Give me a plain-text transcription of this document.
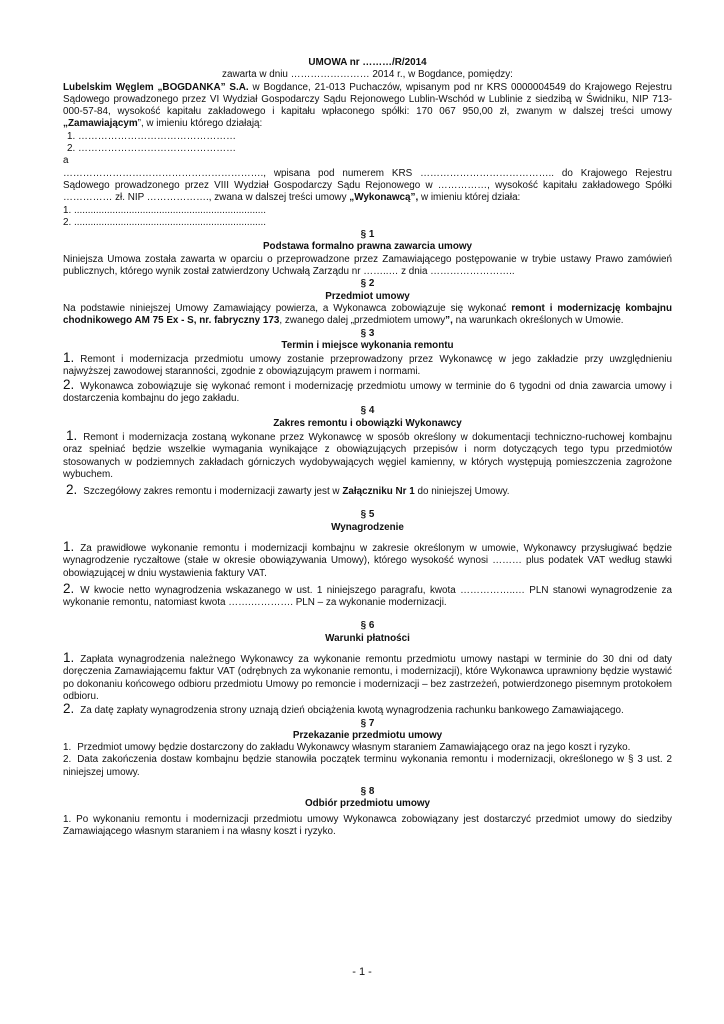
UMOWA nr ………/R/2014

zawarta w dniu …………………… 2014 r., w Bogdance, pomiędzy:

Lubelskim Węglem „BOGDANKA” S.A. w Bogdance, 21-013 Puchaczów, wpisanym pod nr KRS 0000004549 do Krajowego Rejestru Sądowego prowadzonego przez VI Wydział Gospodarczy Sądu Rejonowego Lublin-Wschód w Lublinie z siedzibą w Świdniku, NIP 713-000-57-84, wysokość kapitału zakładowego i kapitału wpłaconego spółki: 170 067 950,00 zł, zwanym w dalszej treści umowy „Zamawiającym”, w imieniu którego działają:

1. …………………………………………

2. …………………………………………

a

……………………………………………………., wpisana pod numerem KRS ………………………………….. do Krajowego Rejestru Sądowego prowadzonego przez VIII Wydział Gospodarczy Sądu Rejonowego w ……………, wysokość kapitału zakładowego Spółki …………… zł. NIP ………………., zwana w dalszej treści umowy „Wykonawcą”, w imieniu której działa:

1. ......................................................................

2. ......................................................................

§ 1

Podstawa formalno prawna zawarcia umowy

Niniejsza Umowa została zawarta w oparciu o przeprowadzone przez Zamawiającego postępowanie w trybie ustawy Prawo zamówień publicznych, którego wynik został zatwierdzony Uchwałą Zarządu nr ……..… z dnia ……………………..

§ 2

Przedmiot umowy

Na podstawie niniejszej Umowy Zamawiający powierza, a Wykonawca zobowiązuje się wykonać remont i modernizację kombajnu chodnikowego AM 75 Ex - S, nr. fabryczny 173, zwanego dalej „przedmiotem umowy”, na warunkach określonych w Umowie.

§ 3

Termin i miejsce wykonania remontu

1. Remont i modernizacja przedmiotu umowy zostanie przeprowadzony przez Wykonawcę w jego zakładzie przy uwzględnieniu najwyższej zawodowej staranności, zgodnie z obowiązującym prawem i normami.

2. Wykonawca zobowiązuje się wykonać remont i modernizację przedmiotu umowy w terminie do 6 tygodni od dnia zawarcia umowy i dostarczenia kombajnu do jego zakładu.

§ 4

Zakres remontu i obowiązki Wykonawcy

1. Remont i modernizacja zostaną wykonane przez Wykonawcę w sposób określony w dokumentacji techniczno-ruchowej kombajnu oraz spełniać będzie wszelkie wymagania wynikające z obowiązujących przepisów i norm dotyczących tego typu przedmiotów stosowanych w podziemnych zakładach górniczych wydobywających węgiel kamienny, w których występują pomieszczenia zagrożone wybuchem.

2. Szczegółowy zakres remontu i modernizacji zawarty jest w Załączniku Nr 1 do niniejszej Umowy.

§ 5

Wynagrodzenie

1. Za prawidłowe wykonanie remontu i modernizacji kombajnu w zakresie określonym w umowie, Wykonawcy przysługiwać będzie wynagrodzenie ryczałtowe (stałe w okresie obowiązywania Umowy), którego wysokość wynosi ……… plus podatek VAT według stawki obowiązującej w dniu wystawienia faktury VAT.

2. W kwocie netto wynagrodzenia wskazanego w ust. 1 niniejszego paragrafu, kwota ……………..… PLN stanowi wynagrodzenie za wykonanie remontu, natomiast kwota …….…………. PLN – za wykonanie modernizacji.

§ 6

Warunki płatności

1. Zapłata wynagrodzenia należnego Wykonawcy za wykonanie remontu przedmiotu umowy nastąpi w terminie do 30 dni od daty doręczenia Zamawiającemu faktur VAT (odrębnych za wykonanie remontu, i modernizacji), które Wykonawca uprawniony będzie wystawić po dokonaniu końcowego odbioru przedmiotu Umowy po remoncie i modernizacji – bez zastrzeżeń, potwierdzonego pisemnym protokołem odbioru.

2. Za datę zapłaty wynagrodzenia strony uznają dzień obciążenia kwotą wynagrodzenia rachunku bankowego Zamawiającego.

§ 7

Przekazanie przedmiotu umowy

1. Przedmiot umowy będzie dostarczony do zakładu Wykonawcy własnym staraniem Zamawiającego oraz na jego koszt i ryzyko.

2. Data zakończenia dostaw kombajnu będzie stanowiła początek terminu wykonania remontu i modernizacji, określonego w § 3 ust. 2 niniejszej umowy.

§ 8

Odbiór przedmiotu umowy

1. Po wykonaniu remontu i modernizacji przedmiotu umowy Wykonawca zobowiązany jest dostarczyć przedmiot umowy do siedziby Zamawiającego własnym staraniem i na własny koszt i ryzyko.

- 1 -
